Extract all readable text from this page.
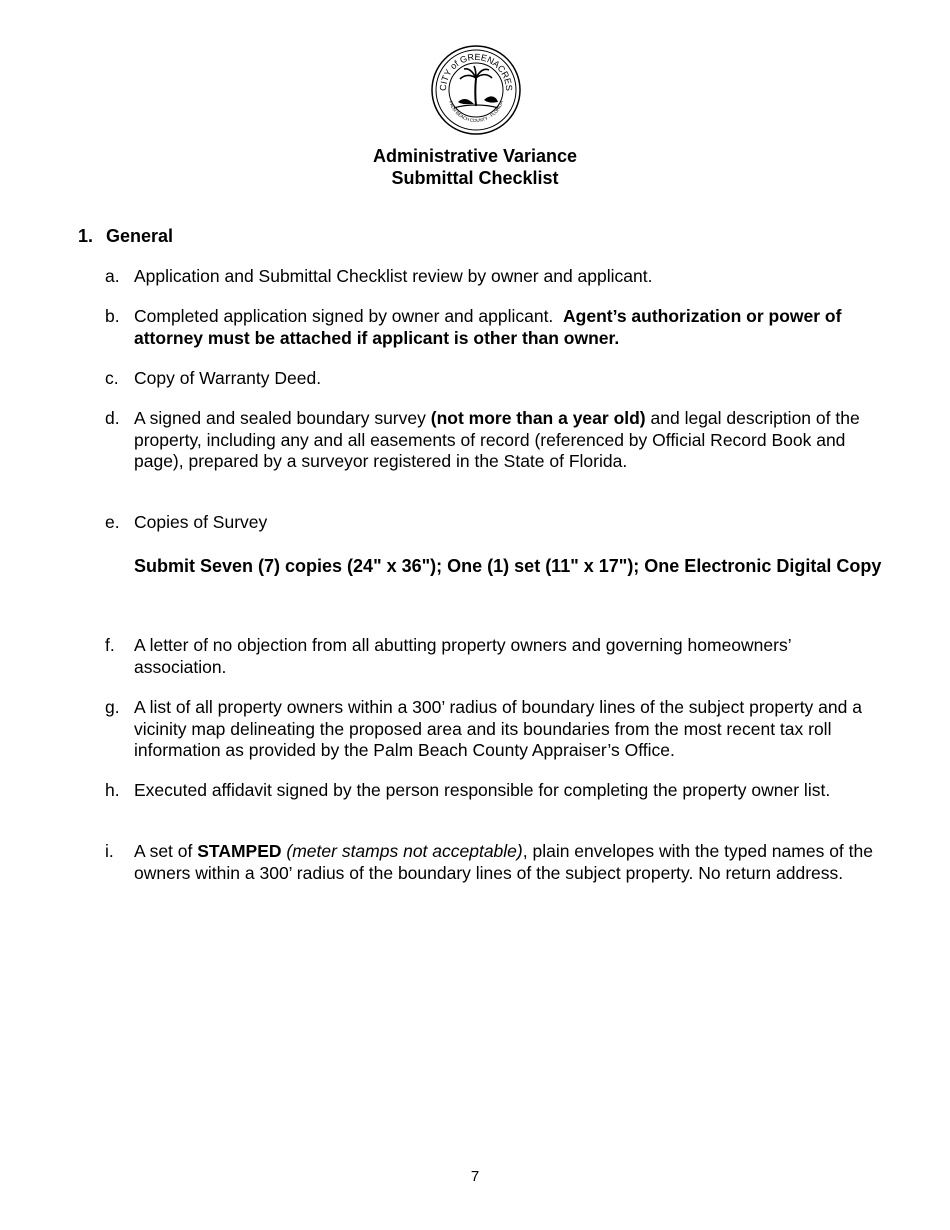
CITY of GREENACRES
PALM BEACH COUNTY · FLORIDA
Administrative Variance
Submittal Checklist
1. General
a. Application and Submittal Checklist review by owner and applicant.
b. Completed application signed by owner and applicant. Agent’s authorization or power of attorney must be attached if applicant is other than owner.
c. Copy of Warranty Deed.
d. A signed and sealed boundary survey (not more than a year old) and legal description of the property, including any and all easements of record (referenced by Official Record Book and page), prepared by a surveyor registered in the State of Florida.
e. Copies of Survey
Submit Seven (7) copies (24" x 36"); One (1) set (11" x 17"); One Electronic Digital Copy
f.	A letter of no objection from all abutting property owners and governing homeowners’ association.
g. A list of all property owners within a 300’ radius of boundary lines of the subject property and a vicinity map delineating the proposed area and its boundaries from the most recent tax roll information as provided by the Palm Beach County Appraiser’s Office.
h. Executed affidavit signed by the person responsible for completing the property owner list.
i.	A set of STAMPED (meter stamps not acceptable), plain envelopes with the typed names of the owners within a 300’ radius of the boundary lines of the subject property. No return address.
7
